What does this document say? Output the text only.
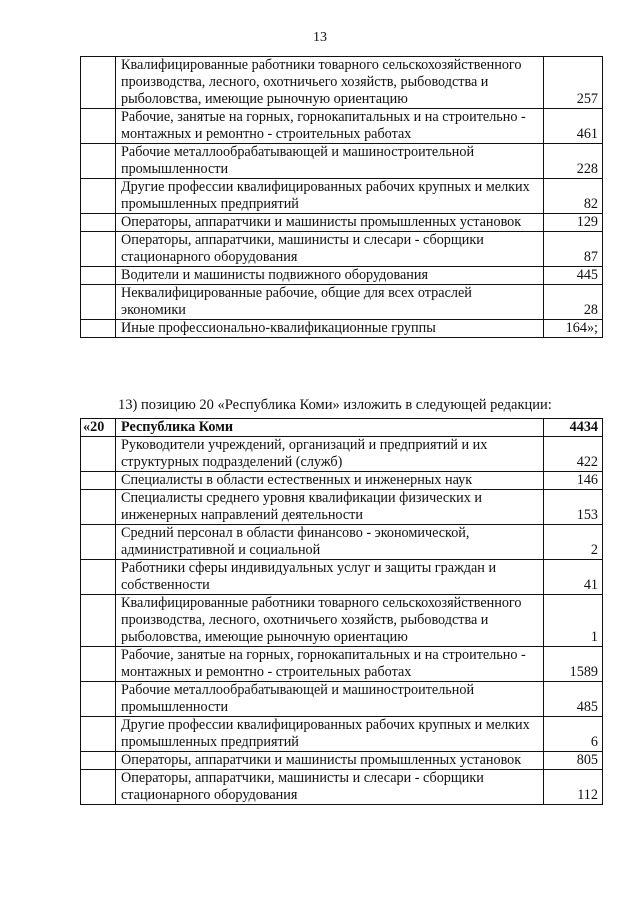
13
	Квалифицированные работники товарного сельскохозяйственного производства, лесного, охотничьего хозяйств, рыбоводства и рыболовства, имеющие рыночную ориентацию	257
	Рабочие, занятые на горных, горнокапитальных и на строительно - монтажных и ремонтно - строительных работах	461
	Рабочие металлообрабатывающей и машиностроительной промышленности	228
	Другие профессии квалифицированных рабочих крупных и мелких промышленных предприятий	82
	Операторы, аппаратчики и машинисты промышленных установок	129
	Операторы, аппаратчики, машинисты и слесари - сборщики стационарного оборудования	87
	Водители и машинисты подвижного оборудования	445
	Неквалифицированные рабочие, общие для всех отраслей экономики	28
	Иные профессионально-квалификационные группы	164»;
13) позицию 20 «Республика Коми» изложить в следующей редакции:
«20	Республика Коми	4434
	Руководители учреждений, организаций и предприятий и их структурных подразделений (служб)	422
	Специалисты в области естественных и инженерных наук	146
	Специалисты среднего уровня квалификации физических и инженерных направлений деятельности	153
	Средний персонал в области финансово - экономической, административной и социальной	2
	Работники сферы индивидуальных услуг и защиты граждан и собственности	41
	Квалифицированные работники товарного сельскохозяйственного производства, лесного, охотничьего хозяйств, рыбоводства и рыболовства, имеющие рыночную ориентацию	1
	Рабочие, занятые на горных, горнокапитальных и на строительно - монтажных и ремонтно - строительных работах	1589
	Рабочие металлообрабатывающей и машиностроительной промышленности	485
	Другие профессии квалифицированных рабочих крупных и мелких промышленных предприятий	6
	Операторы, аппаратчики и машинисты промышленных установок	805
	Операторы, аппаратчики, машинисты и слесари - сборщики стационарного оборудования	112
